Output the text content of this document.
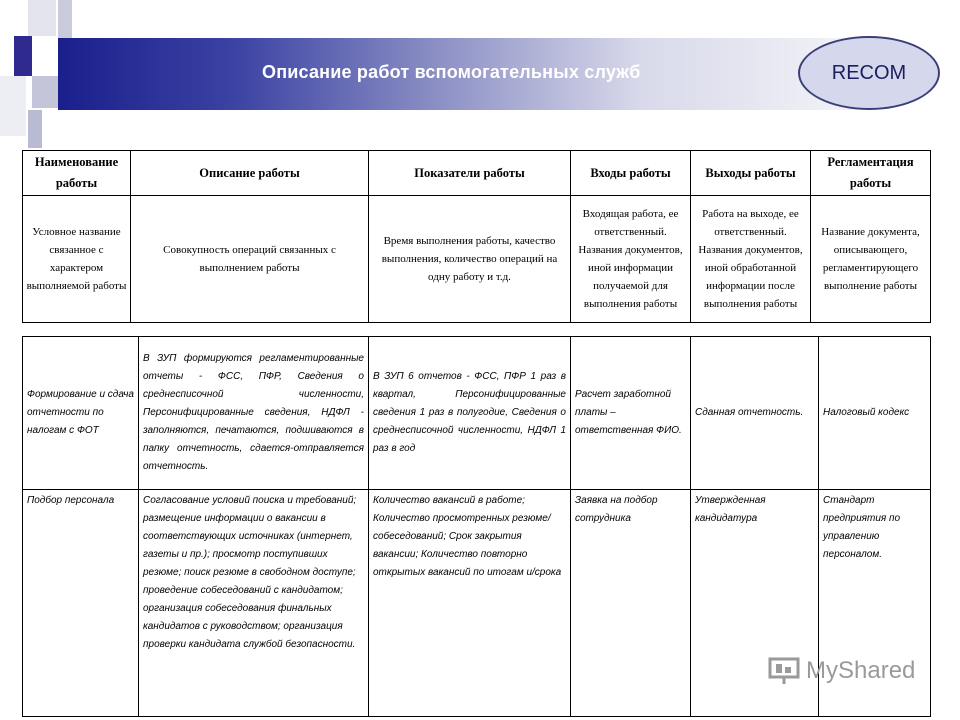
Описание работ вспомогательных служб	RECOM
Наименование работы	Описание работы	Показатели работы	Входы работы	Выходы работы	Регламентация работы
Условное название связанное с характером выполняемой работы	Совокупность операций связанных с выполнением работы	Время выполнения работы, качество выполнения, количество операций на одну работу и т.д.	Входящая работа, ее ответственный. Названия документов, иной информации получаемой для выполнения работы	Работа на выходе, ее ответственный. Названия документов, иной обработанной информации после выполнения работы	Название документа, описывающего, регламентирующего выполнение работы
Формирование и сдача отчетности по налогам с ФОТ	В ЗУП формируются регламентированные отчеты - ФСС, ПФР, Сведения о среднесписочной численности, Персонифицированные сведения, НДФЛ - заполняются, печатаются, подшиваются в папку отчетность, сдается-отправляется отчетность.	В ЗУП 6 отчетов - ФСС, ПФР 1 раз в квартал, Персонифицированные сведения 1 раз в полугодие, Сведения о среднесписочной численности, НДФЛ 1 раз в год	Расчет заработной платы – ответственная ФИО.	Сданная отчетность.	Налоговый кодекс
Подбор персонала	Согласование условий поиска и требований; размещение информации о вакансии в соответствующих источниках (интернет, газеты и пр.); просмотр поступивших резюме; поиск резюме в свободном доступе; проведение собеседований с кандидатом; организация собеседования финальных кандидатов с руководством; организация проверки кандидата службой безопасности.	Количество вакансий в работе; Количество просмотренных резюме/ собеседований; Срок закрытия вакансии; Количество повторно открытых вакансий по итогам и/срока	Заявка на подбор сотрудника	Утвержденная кандидатура	Стандарт предприятия по управлению персоналом.
MyShared
